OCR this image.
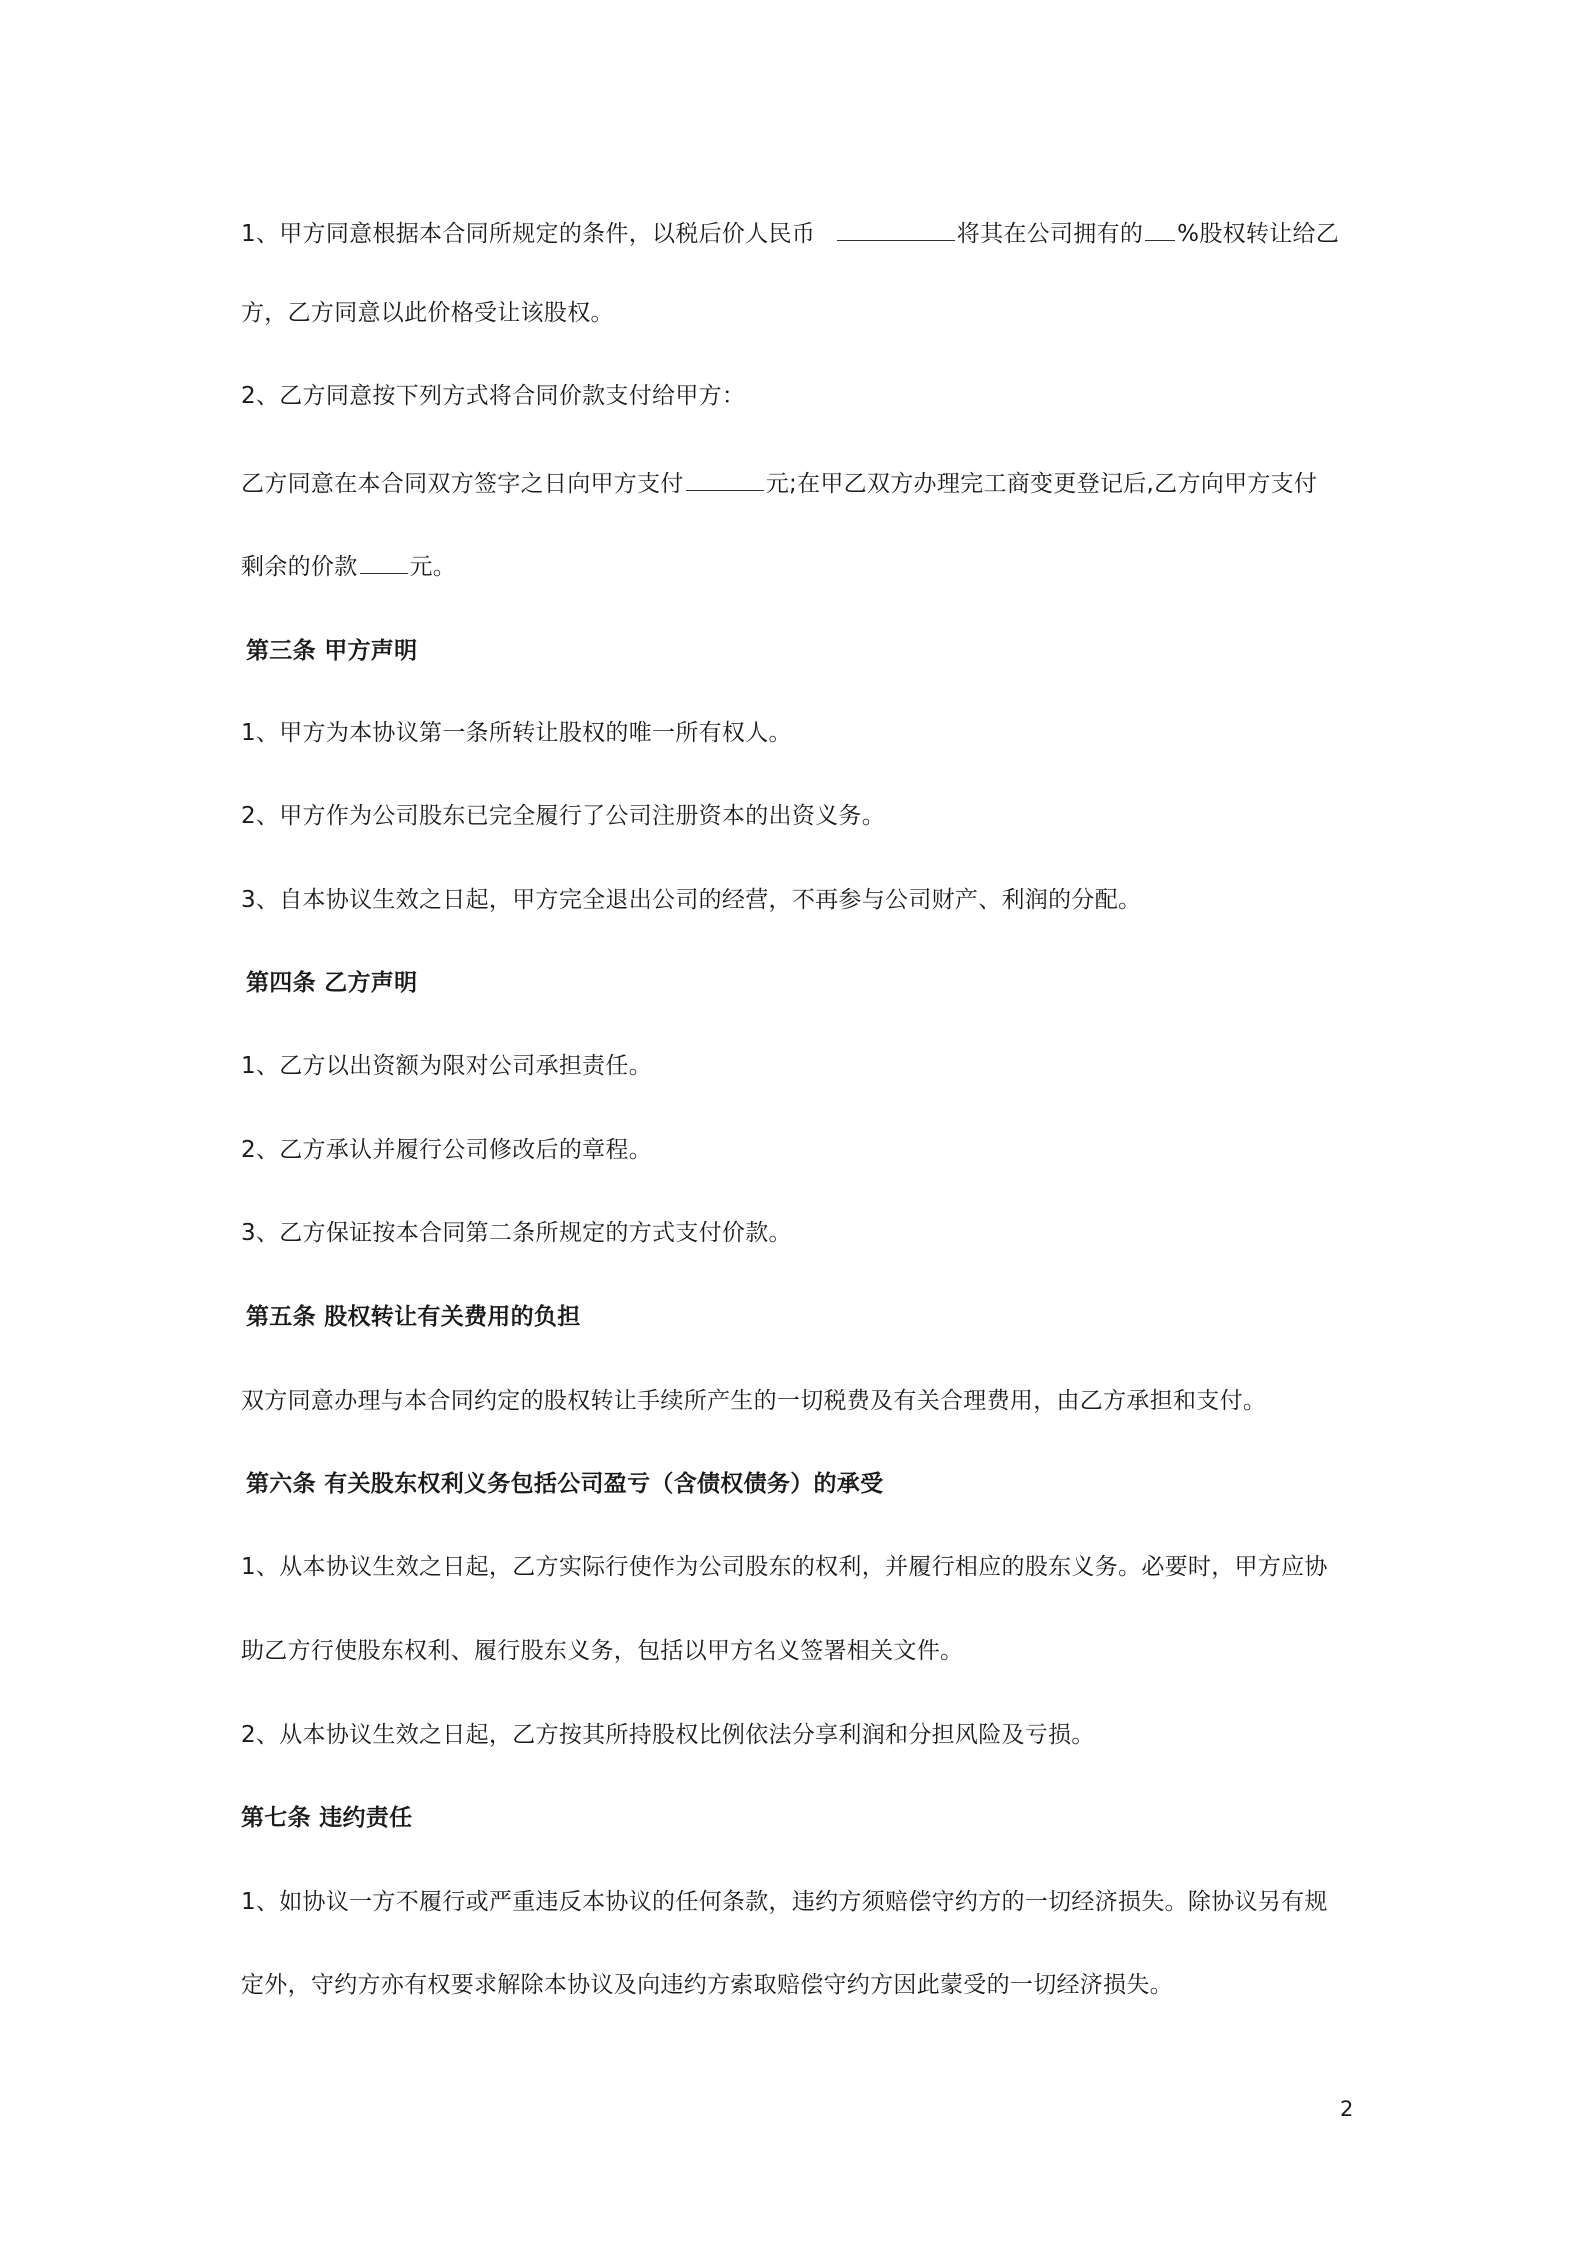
1、甲方同意根据本合同所规定的条件，以税后价人民币	将其在公司拥有的 %股权转让给乙
方，乙方同意以此价格受让该股权。
2、乙方同意按下列方式将合同价款支付给甲方：
乙方同意在本合同双方签字之日向甲方支付	元;在甲乙双方办理完工商变更登记后,乙方向甲方支付
剩余的价款 元。
第三条 甲方声明
1、甲方为本协议第一条所转让股权的唯一所有权人。
2、甲方作为公司股东已完全履行了公司注册资本的出资义务。
3、自本协议生效之日起，甲方完全退出公司的经营，不再参与公司财产、利润的分配。
第四条 乙方声明
1、乙方以出资额为限对公司承担责任。
2、乙方承认并履行公司修改后的章程。
3、乙方保证按本合同第二条所规定的方式支付价款。
第五条 股权转让有关费用的负担
双方同意办理与本合同约定的股权转让手续所产生的一切税费及有关合理费用，由乙方承担和支付。
第六条 有关股东权利义务包括公司盈亏（含债权债务）的承受
1、从本协议生效之日起，乙方实际行使作为公司股东的权利，并履行相应的股东义务。必要时，甲方应协
助乙方行使股东权利、履行股东义务，包括以甲方名义签署相关文件。
2、从本协议生效之日起，乙方按其所持股权比例依法分享利润和分担风险及亏损。
第七条 违约责任
1、如协议一方不履行或严重违反本协议的任何条款，违约方须赔偿守约方的一切经济损失。除协议另有规
定外，守约方亦有权要求解除本协议及向违约方索取赔偿守约方因此蒙受的一切经济损失。
2
